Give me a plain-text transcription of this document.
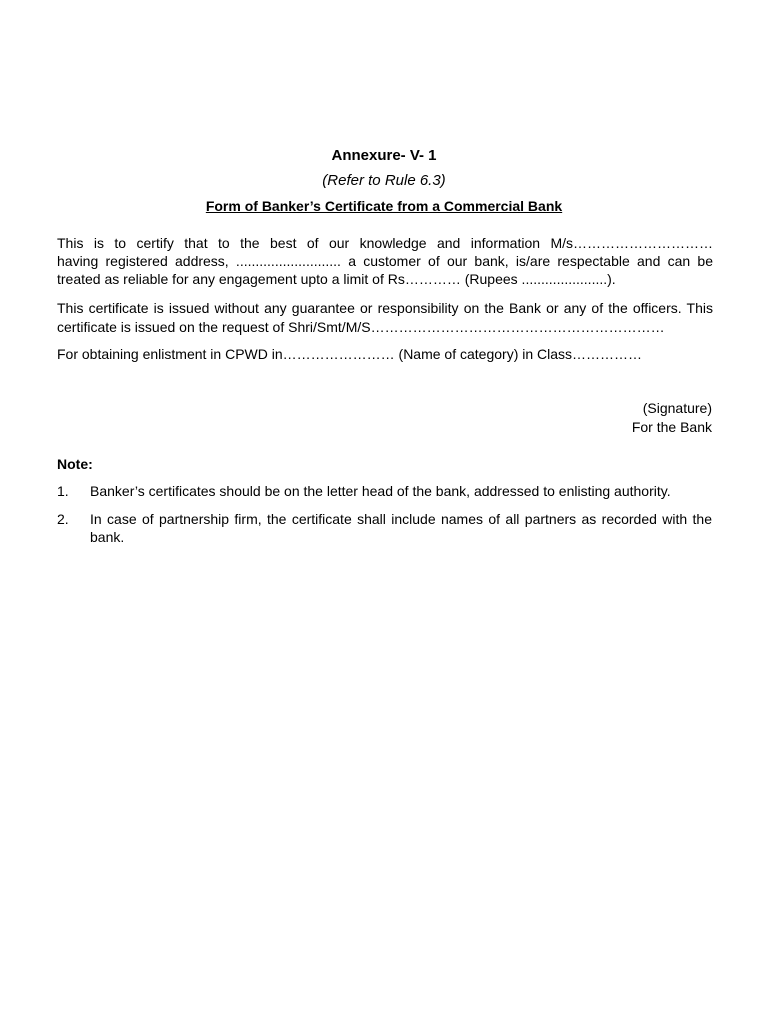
Annexure- V- 1
(Refer to Rule 6.3)
Form of Banker’s Certificate from a Commercial Bank
This is to certify that to the best of our knowledge and information M/s…………………………
having registered address, ........................... a customer of our bank, is/are respectable and can be
treated as reliable for any engagement upto a limit of Rs………… (Rupees ......................).
This certificate is issued without any guarantee or responsibility on the Bank or any of the officers. This
certificate is issued on the request of Shri/Smt/M/S………………………………………………………
For obtaining enlistment in CPWD in…………………… (Name of category) in Class……………
(Signature)
For the Bank
Note:
1. Banker’s certificates should be on the letter head of the bank, addressed to enlisting authority.
2. In case of partnership firm, the certificate shall include names of all partners as recorded with the
bank.
